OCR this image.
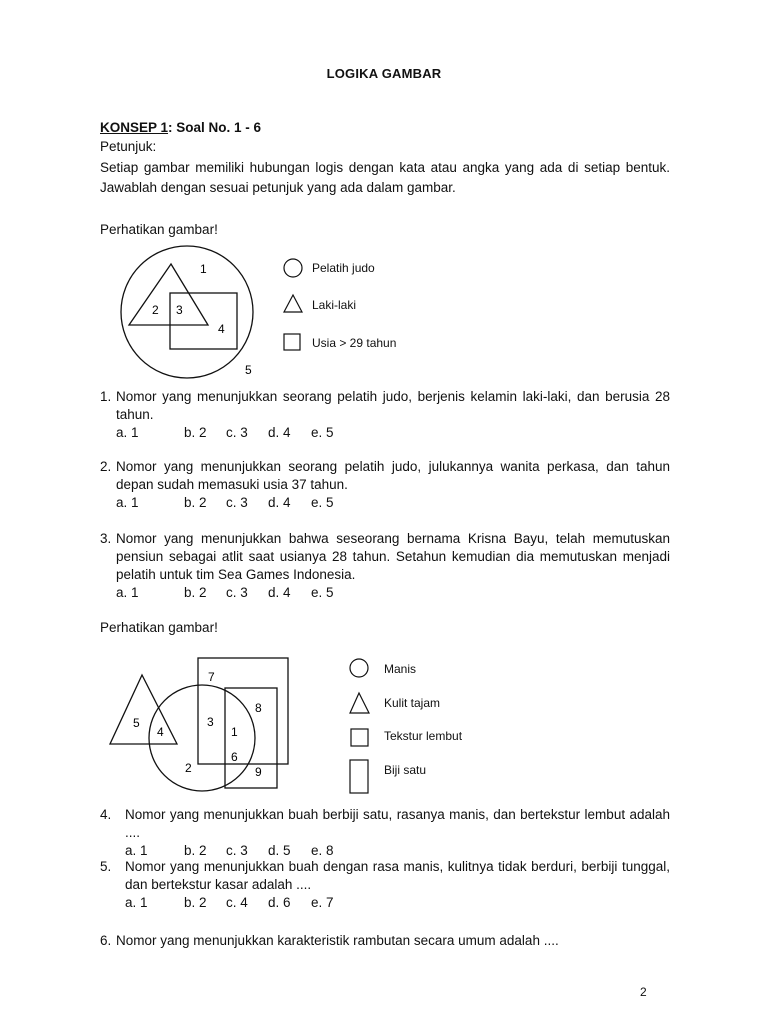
LOGIKA GAMBAR
KONSEP 1: Soal No. 1 - 6
Petunjuk:
Setiap gambar memiliki hubungan logis dengan kata atau angka yang ada di setiap bentuk.
Jawablah dengan sesuai petunjuk yang ada dalam gambar.
Perhatikan gambar!
1
2 3
4
5
7
8
5
4
3
1
6
2	9
Pelatih judo
Laki-laki
Usia > 29 tahun
1. Nomor yang menunjukkan seorang pelatih judo, berjenis kelamin laki-laki, dan berusia 28 tahun.
a. 1	b. 2	c. 3	d. 4	e. 5
2. Nomor yang menunjukkan seorang pelatih judo, julukannya wanita perkasa, dan tahun depan sudah memasuki usia 37 tahun.
a. 1	b. 2	c. 3	d. 4	e. 5
3. Nomor yang menunjukkan bahwa seseorang bernama Krisna Bayu, telah memutuskan pensiun sebagai atlit saat usianya 28 tahun. Setahun kemudian dia memutuskan menjadi pelatih untuk tim Sea Games Indonesia.
a. 1	b. 2	c. 3	d. 4	e. 5
Perhatikan gambar!
Manis
Kulit tajam
Tekstur lembut
Biji satu
4. Nomor yang menunjukkan buah berbiji satu, rasanya manis, dan bertekstur lembut adalah ....
a. 1	b. 2	c. 3	d. 5	e. 8
5. Nomor yang menunjukkan buah dengan rasa manis, kulitnya tidak berduri, berbiji tunggal, dan bertekstur kasar adalah ....
a. 1	b. 2	c. 4	d. 6	e. 7
6. Nomor yang menunjukkan karakteristik rambutan secara umum adalah ....
2
